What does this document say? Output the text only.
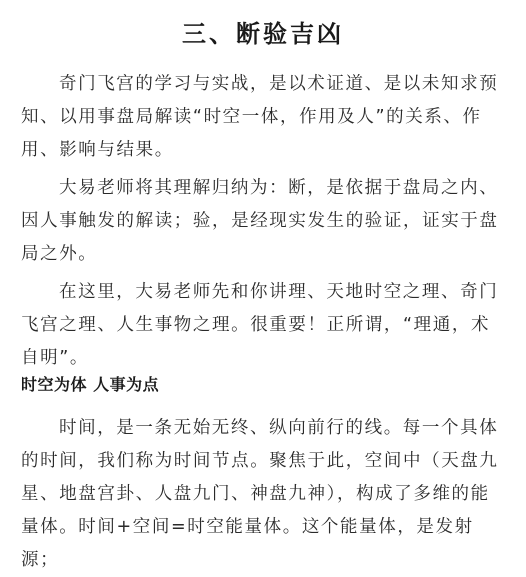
三、断验吉凶

奇门飞宫的学习与实战，是以术证道、是以未知求预知、以用事盘局解读“时空一体，作用及人”的关系、作用、影响与结果。

大易老师将其理解归纳为：断，是依据于盘局之内、因人事触发的解读；验，是经现实发生的验证，证实于盘局之外。

在这里，大易老师先和你讲理、天地时空之理、奇门飞宫之理、人生事物之理。很重要！正所谓，“理通，术自明”。

时空为体 人事为点

时间，是一条无始无终、纵向前行的线。每一个具体的时间，我们称为时间节点。聚焦于此，空间中（天盘九星、地盘宫卦、人盘九门、神盘九神），构成了多维的能量体。时间+空间=时空能量体。这个能量体，是发射源；
